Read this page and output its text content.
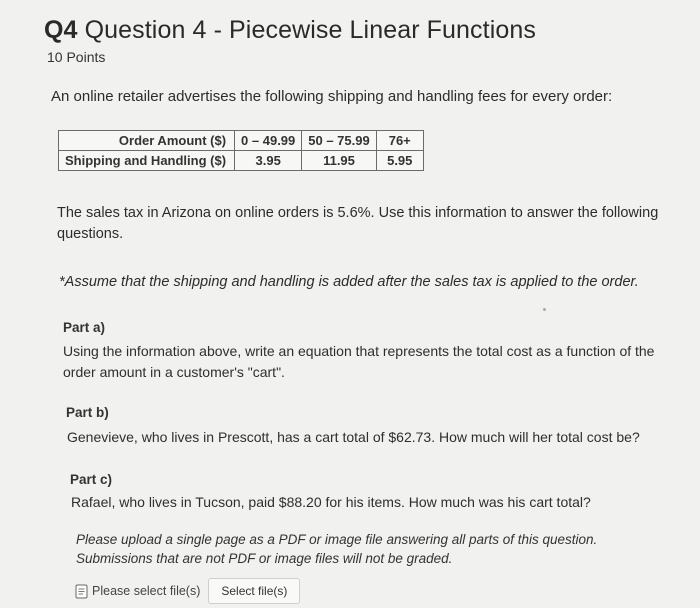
Q4 Question 4 - Piecewise Linear Functions
10 Points
An online retailer advertises the following shipping and handling fees for every order:
Order Amount ($)	0 – 49.99	50 – 75.99	76+
Shipping and Handling ($)	3.95	11.95	5.95
The sales tax in Arizona on online orders is 5.6%. Use this information to answer the following questions.
*Assume that the shipping and handling is added after the sales tax is applied to the order.
Part a)
Using the information above, write an equation that represents the total cost as a function of the order amount in a customer's "cart".
Part b)
Genevieve, who lives in Prescott, has a cart total of $62.73. How much will her total cost be?
Part c)
Rafael, who lives in Tucson, paid $88.20 for his items. How much was his cart total?
Please upload a single page as a PDF or image file answering all parts of this question.
Submissions that are not PDF or image files will not be graded.
Please select file(s)	Select file(s)
